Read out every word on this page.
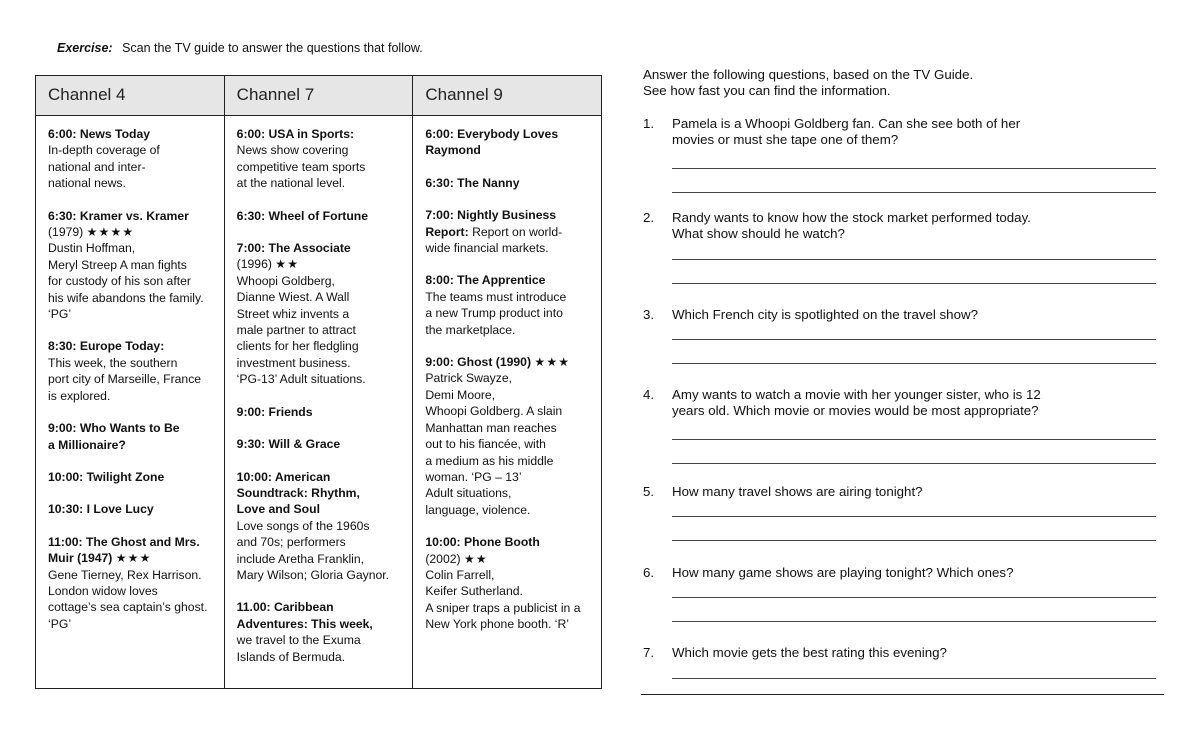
Exercise: Scan the TV guide to answer the questions that follow.
Channel 4
6:00: News Today
In-depth coverage of
national and inter-
national news.
6:30: Kramer vs. Kramer
(1979) ★★★★
Dustin Hoffman,
Meryl Streep A man fights
for custody of his son after
his wife abandons the family.
‘PG’
8:30: Europe Today:
This week, the southern
port city of Marseille, France
is explored.
9:00: Who Wants to Be
a Millionaire?
10:00: Twilight Zone
10:30: I Love Lucy
11:00: The Ghost and Mrs.
Muir (1947) ★★★
Gene Tierney, Rex Harrison.
London widow loves
cottage’s sea captain’s ghost.
‘PG’
Channel 7
6:00: USA in Sports:
News show covering
competitive team sports
at the national level.
6:30: Wheel of Fortune
7:00: The Associate
(1996) ★★
Whoopi Goldberg,
Dianne Wiest. A Wall
Street whiz invents a
male partner to attract
clients for her fledgling
investment business.
‘PG-13’ Adult situations.
9:00: Friends
9:30: Will & Grace
10:00: American
Soundtrack: Rhythm,
Love and Soul
Love songs of the 1960s
and 70s; performers
include Aretha Franklin,
Mary Wilson; Gloria Gaynor.
11.00: Caribbean
Adventures: This week,
we travel to the Exuma
Islands of Bermuda.
Channel 9
6:00: Everybody Loves
Raymond
6:30: The Nanny
7:00: Nightly Business
Report: Report on world-
wide financial markets.
8:00: The Apprentice
The teams must introduce
a new Trump product into
the marketplace.
9:00: Ghost (1990) ★★★
Patrick Swayze,
Demi Moore,
Whoopi Goldberg. A slain
Manhattan man reaches
out to his fiancée, with
a medium as his middle
woman. ‘PG – 13’
Adult situations,
language, violence.
10:00: Phone Booth
(2002) ★★
Colin Farrell,
Keifer Sutherland.
A sniper traps a publicist in a
New York phone booth. ‘R’
Answer the following questions, based on the TV Guide.
See how fast you can find the information.
1. Pamela is a Whoopi Goldberg fan. Can she see both of her
movies or must she tape one of them?
2. Randy wants to know how the stock market performed today.
What show should he watch?
3. Which French city is spotlighted on the travel show?
4. Amy wants to watch a movie with her younger sister, who is 12
years old. Which movie or movies would be most appropriate?
5. How many travel shows are airing tonight?
6. How many game shows are playing tonight? Which ones?
7. Which movie gets the best rating this evening?
